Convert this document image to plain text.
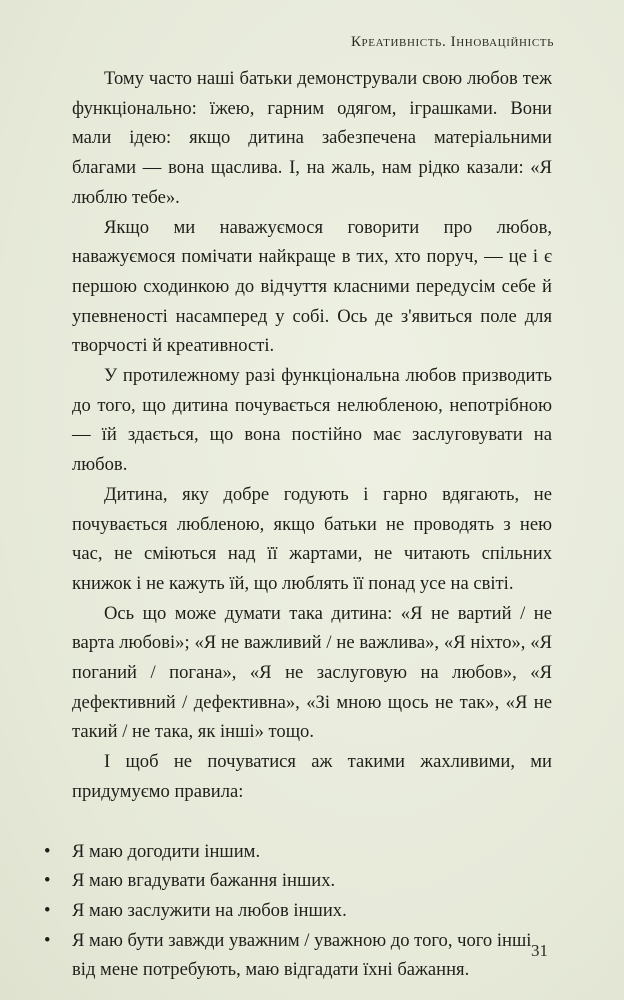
Креативність. Інноваційність

Тому часто наші батьки демонстрували свою любов теж функціонально: їжею, гарним одягом, іграшками. Вони мали ідею: якщо дитина забезпечена матеріальними благами — вона щаслива. І, на жаль, нам рідко казали: «Я люблю тебе».

Якщо ми наважуємося говорити про любов, наважуємося помічати найкраще в тих, хто поруч, — це і є першою сходинкою до відчуття класними передусім себе й упевненості насамперед у собі. Ось де з'явиться поле для творчості й креативності.

У протилежному разі функціональна любов призводить до того, що дитина почувається нелюбленою, непотрібною — їй здається, що вона постійно має заслуговувати на любов.

Дитина, яку добре годують і гарно вдягають, не почувається любленою, якщо батьки не проводять з нею час, не сміються над її жартами, не читають спільних книжок і не кажуть їй, що люблять її понад усе на світі.

Ось що може думати така дитина: «Я не вартий / не варта любові»; «Я не важливий / не важлива», «Я ніхто», «Я поганий / погана», «Я не заслуговую на любов», «Я дефективний / дефективна», «Зі мною щось не так», «Я не такий / не така, як інші» тощо.

І щоб не почуватися аж такими жахливими, ми придумуємо правила:

• Я маю догодити іншим.
• Я маю вгадувати бажання інших.
• Я маю заслужити на любов інших.
• Я маю бути завжди уважним / уважною до того, чого інші від мене потребують, маю відгадати їхні бажання.
31
